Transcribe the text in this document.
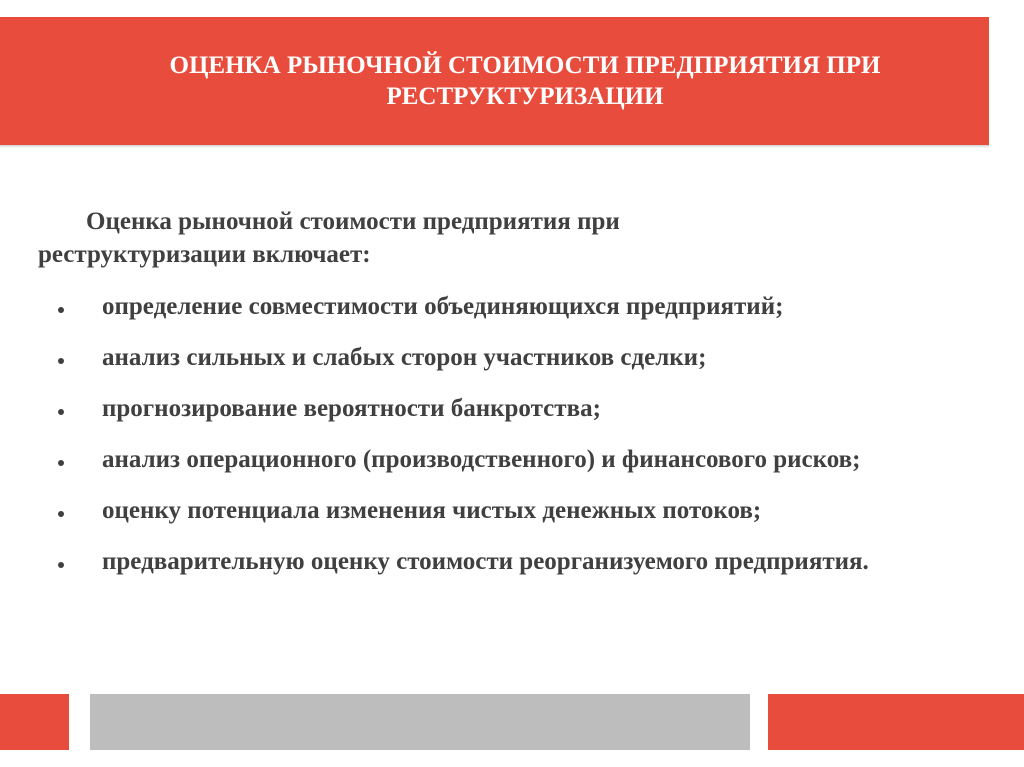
ОЦЕНКА РЫНОЧНОЙ СТОИМОСТИ ПРЕДПРИЯТИЯ ПРИ РЕСТРУКТУРИЗАЦИИ

Оценка рыночной стоимости предприятия при реструктуризации включает:

определение совместимости объединяющихся предприятий;
анализ сильных и слабых сторон участников сделки;
прогнозирование вероятности банкротства;
анализ операционного (производственного) и финансового рисков;
оценку потенциала изменения чистых денежных потоков;
предварительную оценку стоимости реорганизуемого предприятия.
